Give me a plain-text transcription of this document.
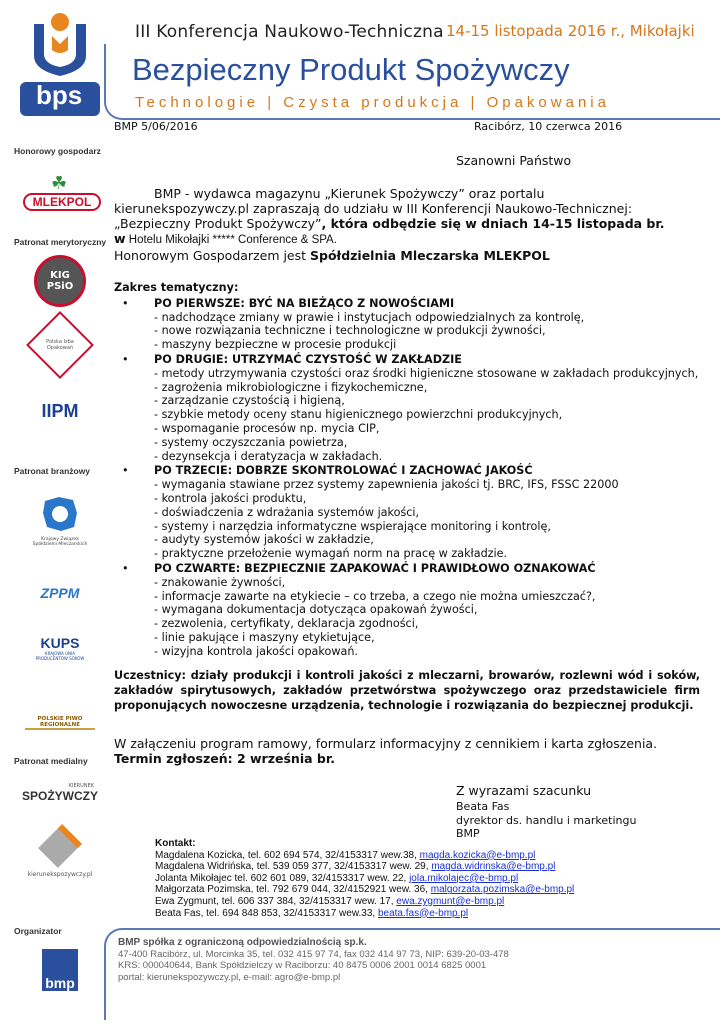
bps
III Konferencja Naukowo-Techniczna 14-15 listopada 2016 r., Mikołajki
Bezpieczny Produkt Spożywczy
Technologie | Czysta produkcja | Opakowania
Honorowy gospodarz
☘
MLEKPOL
Patronat merytoryczny
KIG PSiO
Polska Izba Opakowań
IIPM
Patronat branżowy
Krajowy Związek Spółdzielni Mleczarskich
ZPPM
KUPS
KRAJOWA UNIA PRODUCENTÓW SOKÓW
POLSKIE PIWO REGIONALNE
Patronat medialny
KIERUNEK
SPOŻYWCZY
kierunekspozywczy.pl
Organizator
bmp
BMP 5/06/2016	Racibórz, 10 czerwca 2016
Szanowni Państwo
BMP - wydawca magazynu „Kierunek Spożywczy” oraz portalu kierunekspozywczy.pl zapraszają do udziału w III Konferencji Naukowo-Technicznej: „Bezpieczny Produkt Spożywczy”, która odbędzie się w dniach 14-15 listopada br. w Hotelu Mikołajki ***** Conference & SPA.
Honorowym Gospodarzem jest Spółdzielnia Mleczarska MLEKPOL
Zakres tematyczny:
• PO PIERWSZE: BYĆ NA BIEŻĄCO Z NOWOŚCIAMI
- nadchodzące zmiany w prawie i instytucjach odpowiedzialnych za kontrolę,
- nowe rozwiązania techniczne i technologiczne w produkcji żywności,
- maszyny bezpieczne w procesie produkcji
• PO DRUGIE: UTRZYMAĆ CZYSTOŚĆ W ZAKŁADZIE
- metody utrzymywania czystości oraz środki higieniczne stosowane w zakładach produkcyjnych,
- zagrożenia mikrobiologiczne i fizykochemiczne,
- zarządzanie czystością i higieną,
- szybkie metody oceny stanu higienicznego powierzchni produkcyjnych,
- wspomaganie procesów np. mycia CIP,
- systemy oczyszczania powietrza,
- dezynsekcja i deratyzacja w zakładach.
• PO TRZECIE: DOBRZE SKONTROLOWAĆ I ZACHOWAĆ JAKOŚĆ
- wymagania stawiane przez systemy zapewnienia jakości tj. BRC, IFS, FSSC 22000
- kontrola jakości produktu,
- doświadczenia z wdrażania systemów jakości,
- systemy i narzędzia informatyczne wspierające monitoring i kontrolę,
- audyty systemów jakości w zakładzie,
- praktyczne przełożenie wymagań norm na pracę w zakładzie.
• PO CZWARTE: BEZPIECZNIE ZAPAKOWAĆ I PRAWIDŁOWO OZNAKOWAĆ
- znakowanie żywności,
- informacje zawarte na etykiecie – co trzeba, a czego nie można umieszczać?,
- wymagana dokumentacja dotycząca opakowań żywości,
- zezwolenia, certyfikaty, deklaracja zgodności,
- linie pakujące i maszyny etykietujące,
- wizyjna kontrola jakości opakowań.
Uczestnicy: działy produkcji i kontroli jakości z mleczarni, browarów, rozlewni wód i soków, zakładów spirytusowych, zakładów przetwórstwa spożywczego oraz przedstawiciele firm proponujących nowoczesne urządzenia, technologie i rozwiązania do bezpiecznej produkcji.
W załączeniu program ramowy, formularz informacyjny z cennikiem i karta zgłoszenia.
Termin zgłoszeń: 2 września br.
Z wyrazami szacunku
Beata Fas
dyrektor ds. handlu i marketingu
BMP
Kontakt:
Magdalena Kozicka, tel. 602 694 574, 32/4153317 wew.38, magda.kozicka@e-bmp.pl
Magdalena Widrińska, tel. 539 059 377, 32/4153317 wew. 29, magda.widrinska@e-bmp.pl
Jolanta Mikołajec tel. 602 601 089, 32/4153317 wew. 22, jola.mikolajec@e-bmp.pl
Małgorzata Pozimska, tel. 792 679 044, 32/4152921 wew. 36, malgorzata.pozimska@e-bmp.pl
Ewa Zygmunt, tel. 606 337 384, 32/4153317 wew. 17, ewa.zygmunt@e-bmp.pl
Beata Fas, tel. 694 848 853, 32/4153317 wew.33, beata.fas@e-bmp.pl
BMP spółka z ograniczoną odpowiedzialnością sp.k.
47-400 Racibórz, ul. Morcinka 35, tel. 032 415 97 74, fax 032 414 97 73, NIP: 639-20-03-478
KRS: 000040644, Bank Spółdzielczy w Raciborzu: 40 8475 0006 2001 0014 6825 0001
portal: kierunekspozywczy.pl, e-mail: agro@e-bmp.pl
